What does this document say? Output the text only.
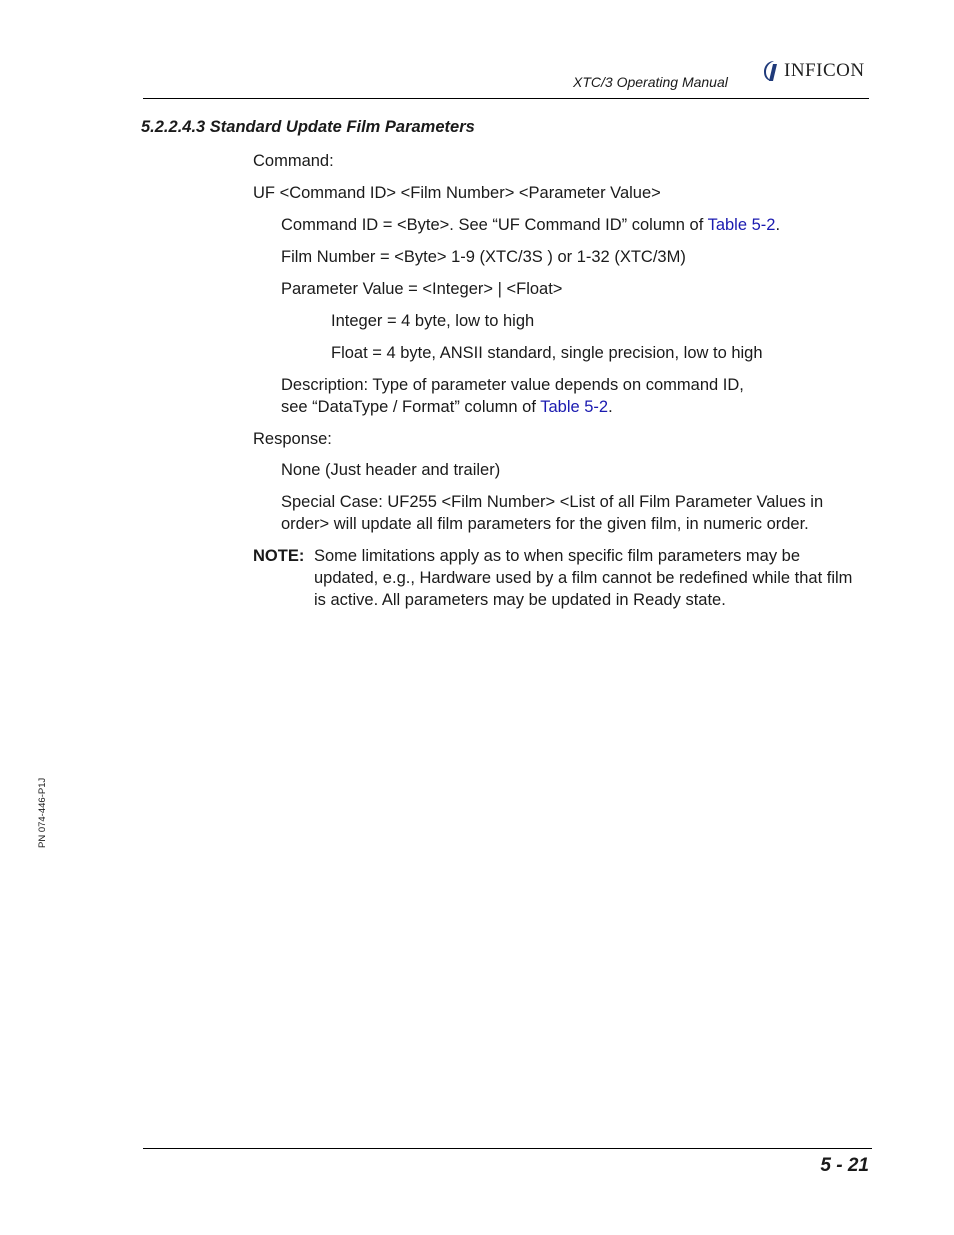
XTC/3 Operating Manual
INFICON
5.2.2.4.3 Standard Update Film Parameters
Command:
UF <Command ID> <Film Number> <Parameter Value>
Command ID = <Byte>. See “UF Command ID” column of Table 5-2.
Film Number = <Byte> 1-9 (XTC/3S ) or 1-32 (XTC/3M)
Parameter Value = <Integer> | <Float>
Integer = 4 byte, low to high
Float = 4 byte, ANSII standard, single precision, low to high
Description: Type of parameter value depends on command ID,
see “DataType / Format” column of Table 5-2.
Response:
None (Just header and trailer)
Special Case: UF255 <Film Number> <List of all Film Parameter Values in
order> will update all film parameters for the given film, in numeric order.
NOTE: Some limitations apply as to when specific film parameters may be
updated, e.g., Hardware used by a film cannot be redefined while that film
is active. All parameters may be updated in Ready state.
PN 074-446-P1J
5 - 21
